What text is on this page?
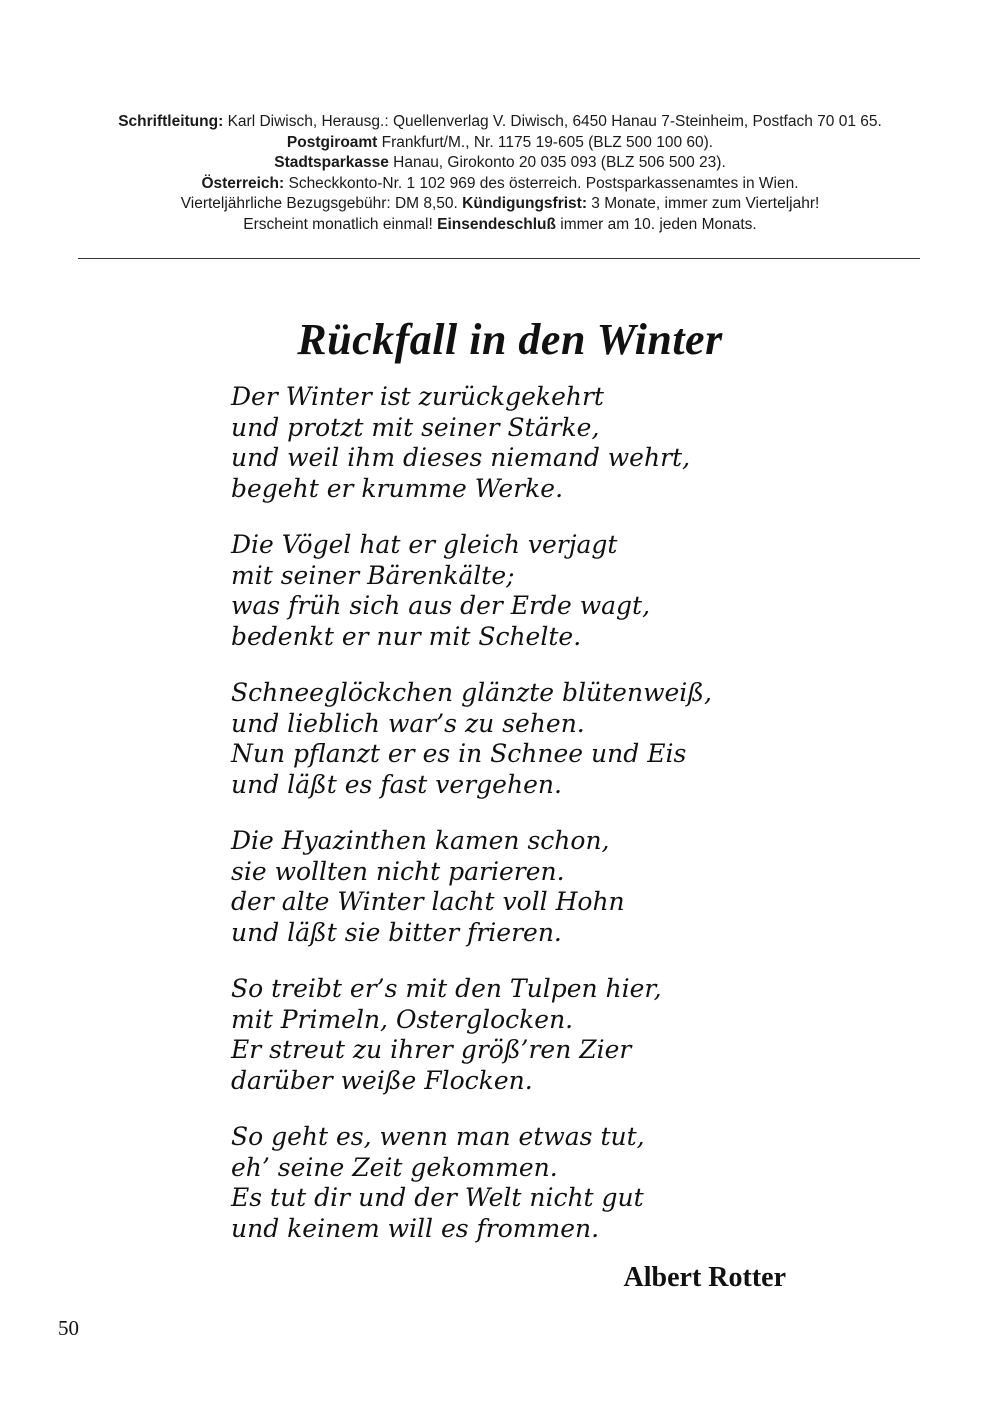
Schriftleitung: Karl Diwisch, Herausg.: Quellenverlag V. Diwisch, 6450 Hanau 7-Steinheim, Postfach 70 01 65.
Postgiroamt Frankfurt/M., Nr. 1175 19-605 (BLZ 500 100 60).
Stadtsparkasse Hanau, Girokonto 20 035 093 (BLZ 506 500 23).
Österreich: Scheckkonto-Nr. 1 102 969 des österreich. Postsparkassenamtes in Wien.
Vierteljährliche Bezugsgebühr: DM 8,50. Kündigungsfrist: 3 Monate, immer zum Vierteljahr!
Erscheint monatlich einmal! Einsendeschluß immer am 10. jeden Monats.
Rückfall in den Winter
Der Winter ist zurückgekehrt
und protzt mit seiner Stärke,
und weil ihm dieses niemand wehrt,
begeht er krumme Werke.
Die Vögel hat er gleich verjagt
mit seiner Bärenkälte;
was früh sich aus der Erde wagt,
bedenkt er nur mit Schelte.
Schneeglöckchen glänzte blütenweiß,
und lieblich war’s zu sehen.
Nun pflanzt er es in Schnee und Eis
und läßt es fast vergehen.
Die Hyazinthen kamen schon,
sie wollten nicht parieren.
der alte Winter lacht voll Hohn
und läßt sie bitter frieren.
So treibt er’s mit den Tulpen hier,
mit Primeln, Osterglocken.
Er streut zu ihrer größ’ren Zier
darüber weiße Flocken.
So geht es, wenn man etwas tut,
eh’ seine Zeit gekommen.
Es tut dir und der Welt nicht gut
und keinem will es frommen.
Albert Rotter
50
